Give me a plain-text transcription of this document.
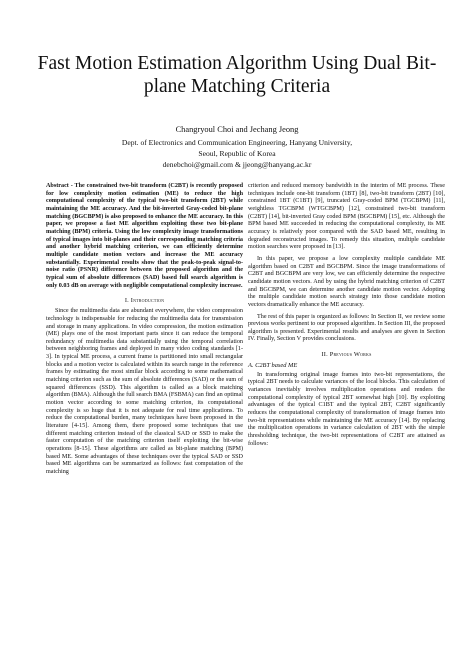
Fast Motion Estimation Algorithm Using Dual Bit-plane Matching Criteria
Changryoul Choi and Jechang Jeong
Dept. of Electronics and Communication Engineering, Hanyang University,
Seoul, Republic of Korea
denebchoi@gmail.com & jjeong@hanyang.ac.kr

Abstract - The constrained two-bit transform (C2BT) is recently proposed for low complexity motion estimation (ME) to reduce the high computational complexity of the typical two-bit transform (2BT) while maintaining the ME accuracy. And the bit-inverted Gray-coded bit-plane matching (BGCBPM) is also proposed to enhance the ME accuracy. In this paper, we propose a fast ME algorithm exploiting these two bit-plane matching (BPM) criteria. Using the low complexity image transformations of typical images into bit-planes and their corresponding matching criteria and another hybrid matching criterion, we can efficiently determine multiple candidate motion vectors and increase the ME accuracy substantially. Experimental results show that the peak-to-peak signal-to-noise ratio (PSNR) difference between the proposed algorithm and the typical sum of absolute differences (SAD) based full search algorithm is only 0.03 dB on average with negligible computational complexity increase.

I. Introduction

Since the multimedia data are abundant everywhere, the video compression technology is indispensable for reducing the multimedia data for transmission and storage in many applications. In video compression, the motion estimation (ME) plays one of the most important parts since it can reduce the temporal redundancy of multimedia data substantially using the temporal correlation between neighboring frames and deployed in many video coding standards [1-3]. In typical ME process, a current frame is partitioned into small rectangular blocks and a motion vector is calculated within its search range in the reference frames by estimating the most similar block according to some mathematical matching criterion such as the sum of absolute differences (SAD) or the sum of squared differences (SSD). This algorithm is called as a block matching algorithm (BMA). Although the full search BMA (FSBMA) can find an optimal motion vector according to some matching criterion, its computational complexity is so huge that it is not adequate for real time applications. To reduce the computational burden, many techniques have been proposed in the literature [4-15]. Among them, there proposed some techniques that use different matching criterion instead of the classical SAD or SSD to make the faster computation of the matching criterion itself exploiting the bit-wise operations [8-15]. These algorithms are called as bit-plane matching (BPM) based ME. Some advantages of these techniques over the typical SAD or SSD based ME algorithms can be summarized as follows: fast computation of the matching

criterion and reduced memory bandwidth in the interim of ME process. These techniques include one-bit transform (1BT) [8], two-bit transform (2BT) [10], constrained 1BT (C1BT) [9], truncated Gray-coded BPM (TGCBPM) [11], weightless TGCBPM (WTGCBPM) [12], constrained two-bit transform (C2BT) [14], bit-inverted Gray coded BPM (BGCBPM) [15], etc. Although the BPM based ME succeeded in reducing the computational complexity, its ME accuracy is relatively poor compared with the SAD based ME, resulting in degraded reconstructed images. To remedy this situation, multiple candidate motion searches were proposed in [13].

In this paper, we propose a low complexity multiple candidate ME algorithm based on C2BT and BGCBPM. Since the image transformations of C2BT and BGCBPM are very low, we can efficiently determine the respective candidate motion vectors. And by using the hybrid matching criterion of C2BT and BGCBPM, we can determine another candidate motion vector. Adopting the multiple candidate motion search strategy into those candidate motion vectors dramatically enhance the ME accuracy.

The rest of this paper is organized as follows: In Section II, we review some previous works pertinent to our proposed algorithm. In Section III, the proposed algorithm is presented. Experimental results and analyses are given in Section IV. Finally, Section V provides conclusions.

II. Previous Works
A. C2BT based ME

In transforming original image frames into two-bit representations, the typical 2BT needs to calculate variances of the local blocks. This calculation of variances inevitably involves multiplication operations and renders the computational complexity of typical 2BT somewhat high [10]. By exploiting advantages of the typical C1BT and the typical 2BT, C2BT significantly reduces the computational complexity of transformation of image frames into two-bit representations while maintaining the ME accuracy [14]. By replacing the multiplication operations in variance calculation of 2BT with the simple thresholding technique, the two-bit representations of C2BT are attained as follows:
